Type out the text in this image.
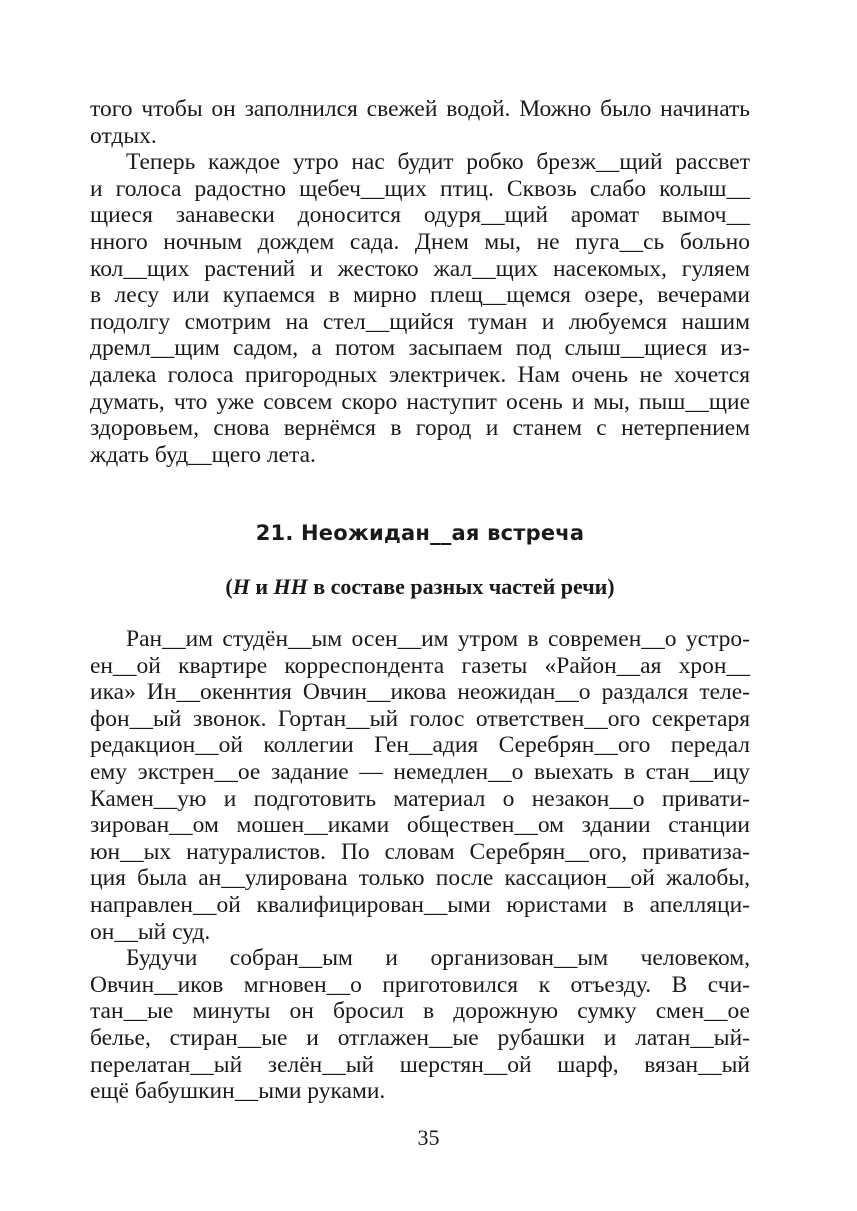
того чтобы он заполнился свежей водой. Можно было начинать
отдых.
Теперь каждое утро нас будит робко брезж__щий рассвет
и голоса радостно щебеч__щих птиц. Сквозь слабо колыш__
щиеся занавески доносится одуря__щий аромат вымоч__
нного ночным дождем сада. Днем мы, не пуга__сь больно
кол__щих растений и жестоко жал__щих насекомых, гуляем
в лесу или купаемся в мирно плещ__щемся озере, вечерами
подолгу смотрим на стел__щийся туман и любуемся нашим
дремл__щим садом, а потом засыпаем под слыш__щиеся из-
далека голоса пригородных электричек. Нам очень не хочется
думать, что уже совсем скоро наступит осень и мы, пыш__щие
здоровьем, снова вернёмся в город и станем с нетерпением
ждать буд__щего лета.
21. Неожидан__ая встреча
(Н и НН в составе разных частей речи)
Ран__им студён__ым осен__им утром в современ__о устро-
ен__ой квартире корреспондента газеты «Район__ая хрон__
ика» Ин__океннтия Овчин__икова неожидан__о раздался теле-
фон__ый звонок. Гортан__ый голос ответствен__ого секретаря
редакцион__ой коллегии Ген__адия Серебрян__ого передал
ему экстрен__ое задание — немедлен__о выехать в стан__ицу
Камен__ую и подготовить материал о незакон__о привати-
зирован__ом мошен__иками обществен__ом здании станции
юн__ых натуралистов. По словам Серебрян__ого, приватиза-
ция была ан__улирована только после кассацион__ой жалобы,
направлен__ой квалифицирован__ыми юристами в апелляци-
он__ый суд.
Будучи собран__ым и организован__ым человеком,
Овчин__иков мгновен__о приготовился к отъезду. В счи-
тан__ые минуты он бросил в дорожную сумку смен__ое
белье, стиран__ые и отглажен__ые рубашки и латан__ый-
перелатан__ый зелён__ый шерстян__ой шарф, вязан__ый
ещё бабушкин__ыми руками.
35
